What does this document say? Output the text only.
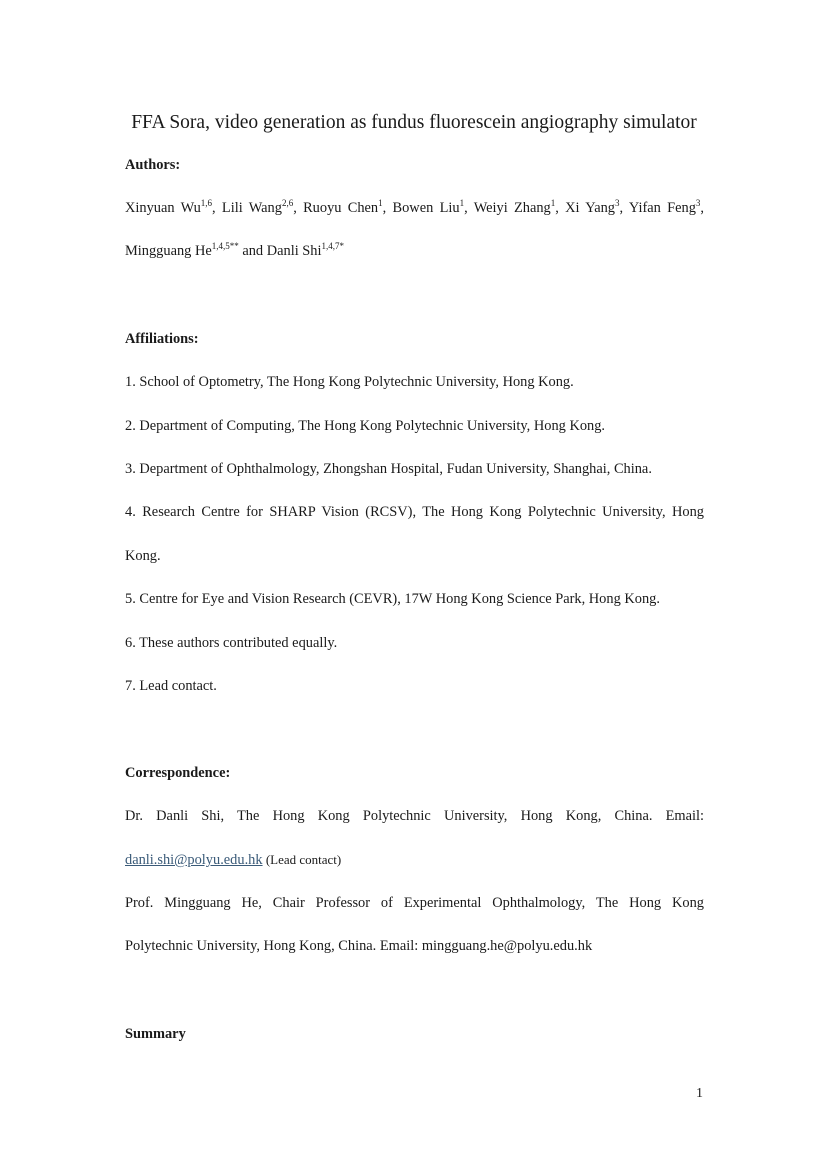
FFA Sora, video generation as fundus fluorescein angiography simulator
Authors:
Xinyuan Wu$^{1,6}$, Lili Wang$^{2,6}$, Ruoyu Chen$^1$, Bowen Liu$^1$, Weiyi Zhang$^1$, Xi Yang$^3$, Yifan Feng$^3$,
Mingguang $He^{1,4,5**}$ and Danli Shi$^{1,4,7*}$
Affiliations:
1. School of Optometry, The Hong Kong Polytechnic University, Hong Kong.
2. Department of Computing, The Hong Kong Polytechnic University, Hong Kong.
3. Department of Ophthalmology, Zhongshan Hospital, Fudan University, Shanghai, China.
4. Research Centre for SHARP Vision (RCSV), The Hong Kong Polytechnic University, Hong
Kong.
5. Centre for Eye and Vision Research (CEVR), 17W Hong Kong Science Park, Hong Kong.
6. These authors contributed equally.
7. Lead contact.
Correspondence:
Dr. Danli Shi, The Hong Kong Polytechnic University, Hong Kong, China. Email:
danli.shi@polyu.edu.hk (Lead contact)
Prof. Mingguang He, Chair Professor of Experimental Ophthalmology, The Hong Kong
Polytechnic University, Hong Kong, China. Email: mingguang.he@polyu.edu.hk
Summary
1
